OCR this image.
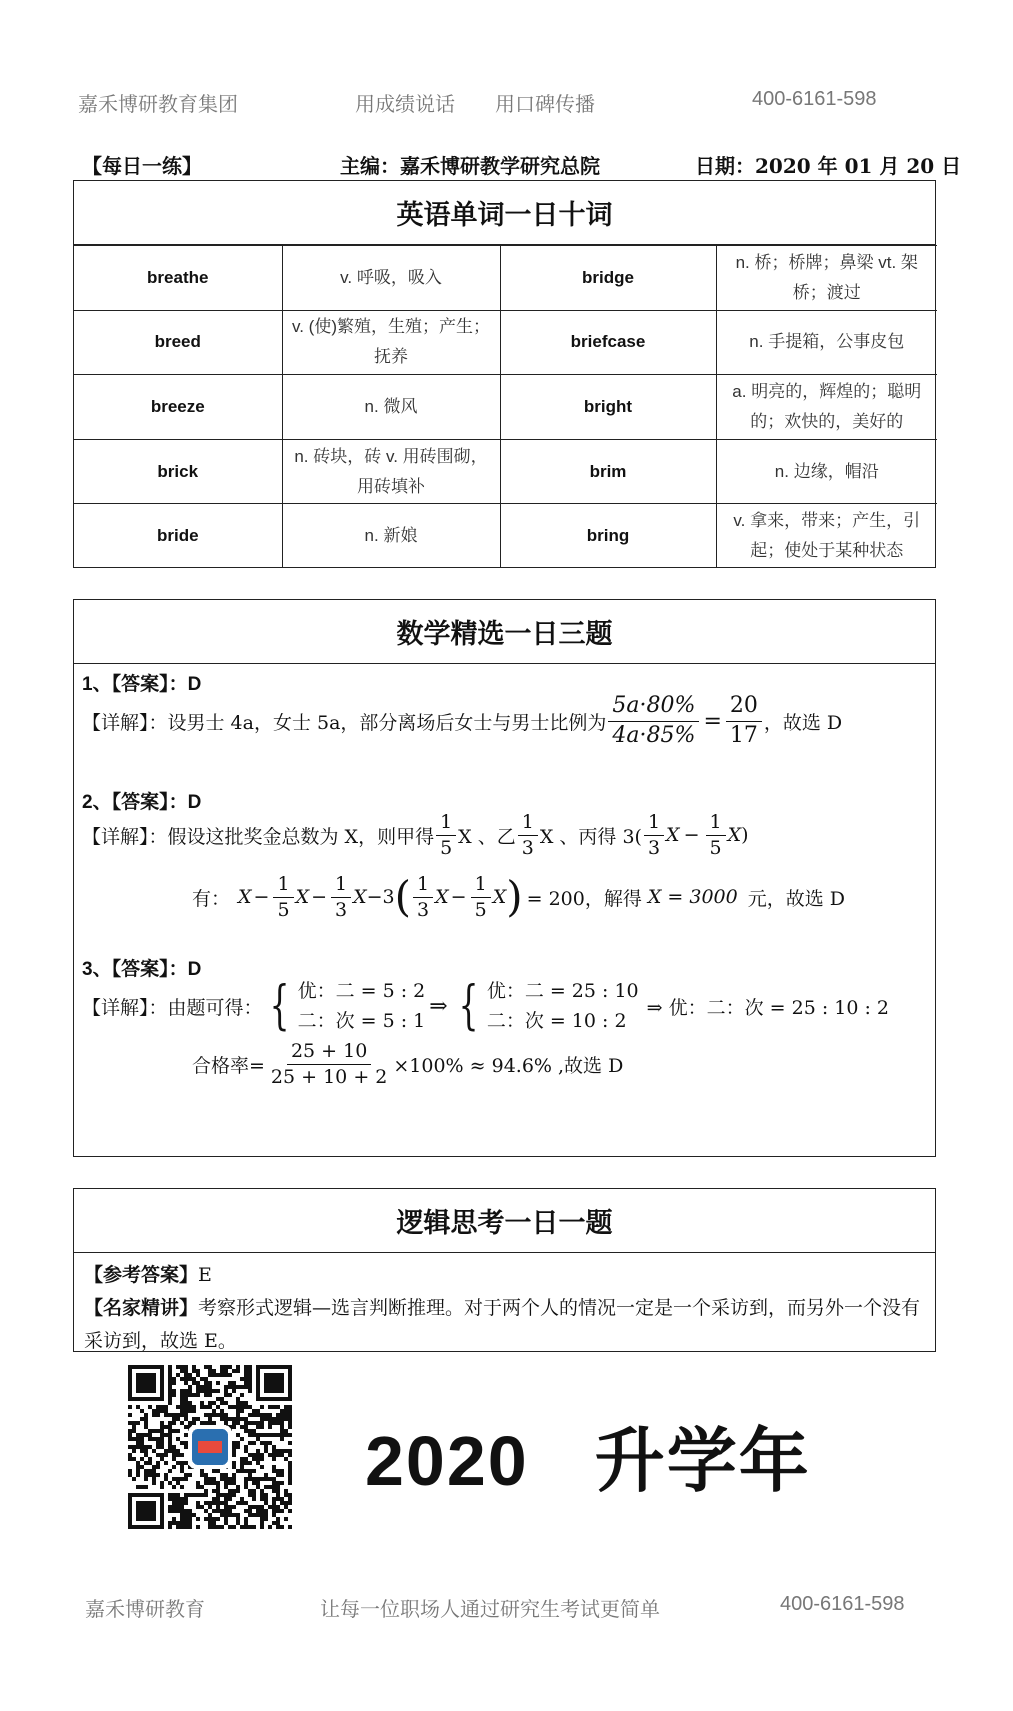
嘉禾博研教育集团	用成绩说话 用口碑传播	400-6161-598
【每日一练】	主编：嘉禾博研教学研究总院	日期：2020 年 01 月 20 日
英语单词一日十词
breathe	v. 呼吸，吸入	bridge	n. 桥；桥牌；鼻梁 vt. 架桥；渡过
breed	v. (使)繁殖，生殖；产生；抚养	briefcase	n. 手提箱，公事皮包
breeze	n. 微风	bright	a. 明亮的，辉煌的；聪明的；欢快的，美好的
brick	n. 砖块，砖 v. 用砖围砌，用砖填补	brim	n. 边缘，帽沿
bride	n. 新娘	bring	v. 拿来，带来；产生，引起；使处于某种状态
数学精选一日三题
1、【答案】：D
【详解】：设男士 4a，女士 5a，部分离场后女士与男士比例为 $\frac{5a\cdot 80\%}{4a\cdot 85\%} = \frac{20}{17}$ ，故选 D
2、【答案】：D
【详解】：假设这批奖金总数为 X，则甲得 $\frac{1}{5}$ X 、乙 $\frac{1}{3}$ X 、丙得 $3( \frac{1}{3}$ $X - \frac{1}{5}$ X )
有： $X - \frac{1}{5}$ $X - \frac{1}{3}$ X −3 ( $\frac{1}{3}$ $X - \frac{1}{5}$ X ) = 200，解得 X = 3000 元，故选 D
3、【答案】：D
【详解】：由题可得： { 优：二 = 5 : 2
二：次 = 5 : 1
⇒ { 优：二 = 25 : 10
二：次 = 10 : 2
⇒ 优：二：次 = 25 : 10 : 2
合格率= $\frac{25 + 10}{25 + 10 + 2} \times 100\% \approx 94.6\%$ ,故选 D
逻辑思考一日一题
【参考答案】E
【名家精讲】考察形式逻辑—选言判断推理。对于两个人的情况一定是一个采访到，而另外一个没有采访到，故选 E。
2020 升学年
嘉禾博研教育	让每一位职场人通过研究生考试更简单	400-6161-598
